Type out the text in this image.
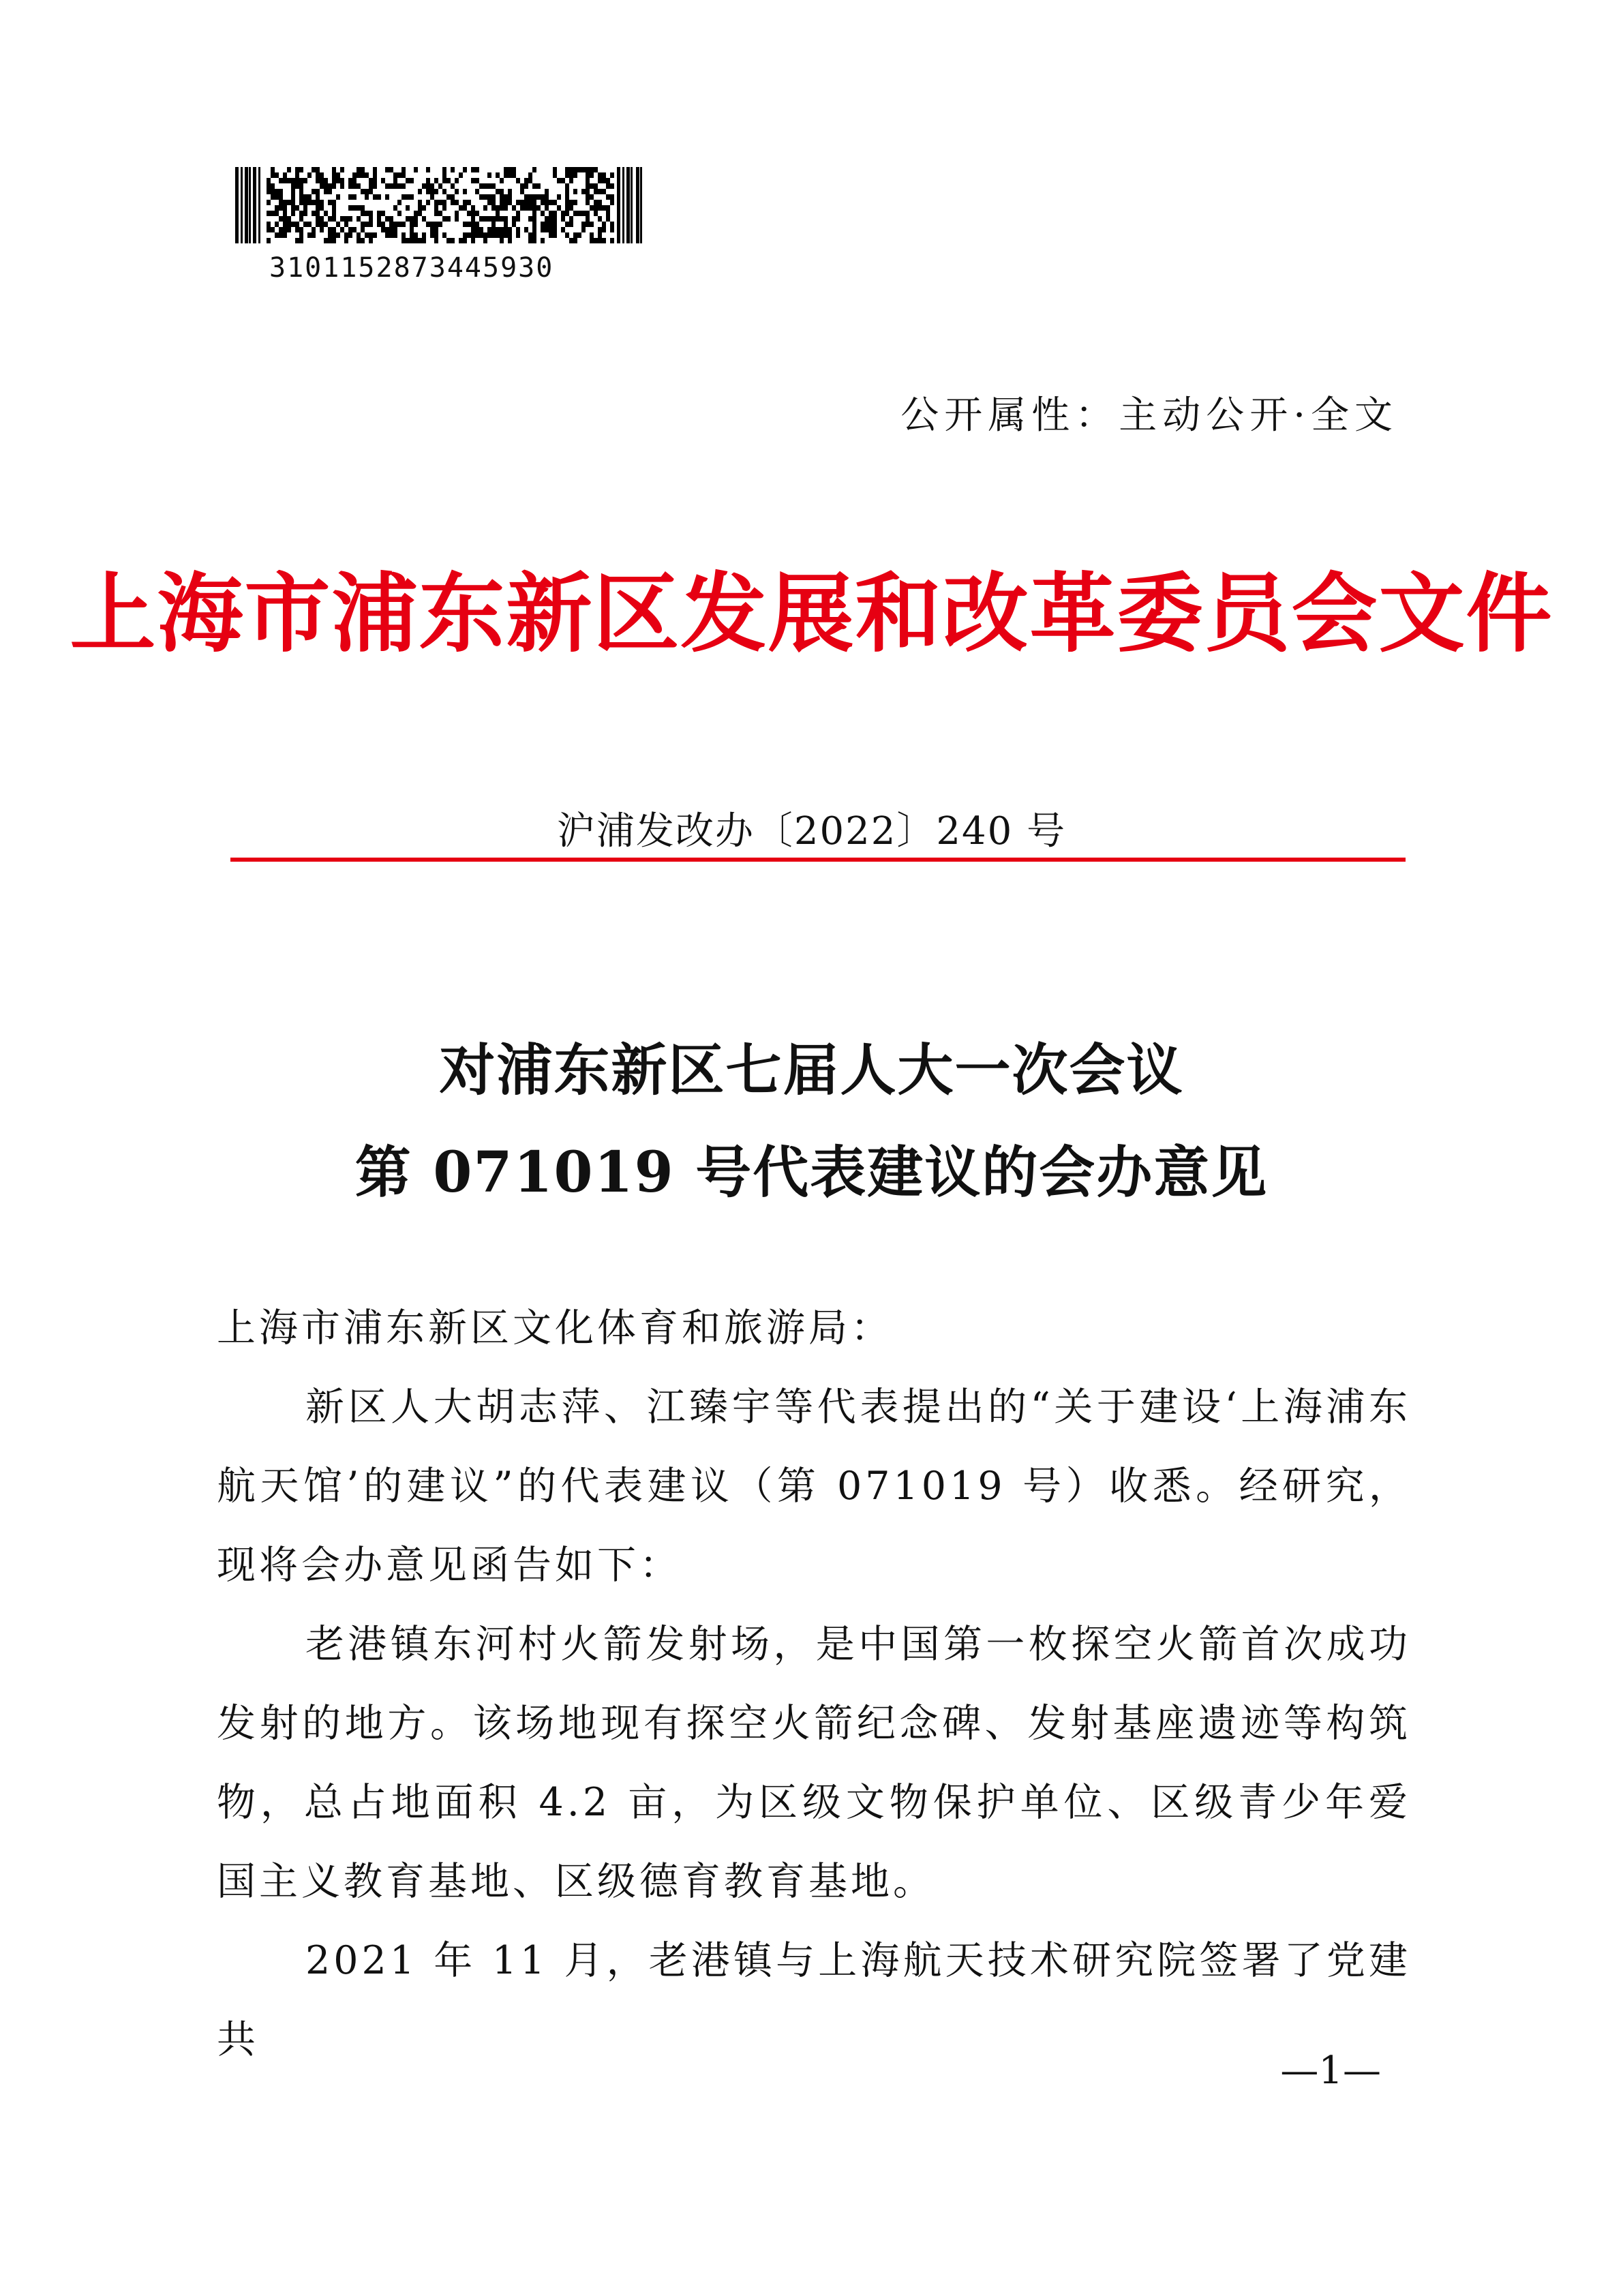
3101152873445930
公开属性：主动公开·全文
上海市浦东新区发展和改革委员会文件
沪浦发改办〔2022〕240 号
对浦东新区七届人大一次会议
第 071019 号代表建议的会办意见

上海市浦东新区文化体育和旅游局：

新区人大胡志萍、江臻宇等代表提出的“关于建设‘上海浦东航天馆’的建议”的代表建议（第 071019 号）收悉。经研究，现将会办意见函告如下：

老港镇东河村火箭发射场，是中国第一枚探空火箭首次成功发射的地方。该场地现有探空火箭纪念碑、发射基座遗迹等构筑物，总占地面积 4.2 亩，为区级文物保护单位、区级青少年爱国主义教育基地、区级德育教育基地。

2021 年 11 月，老港镇与上海航天技术研究院签署了党建共

—1—
